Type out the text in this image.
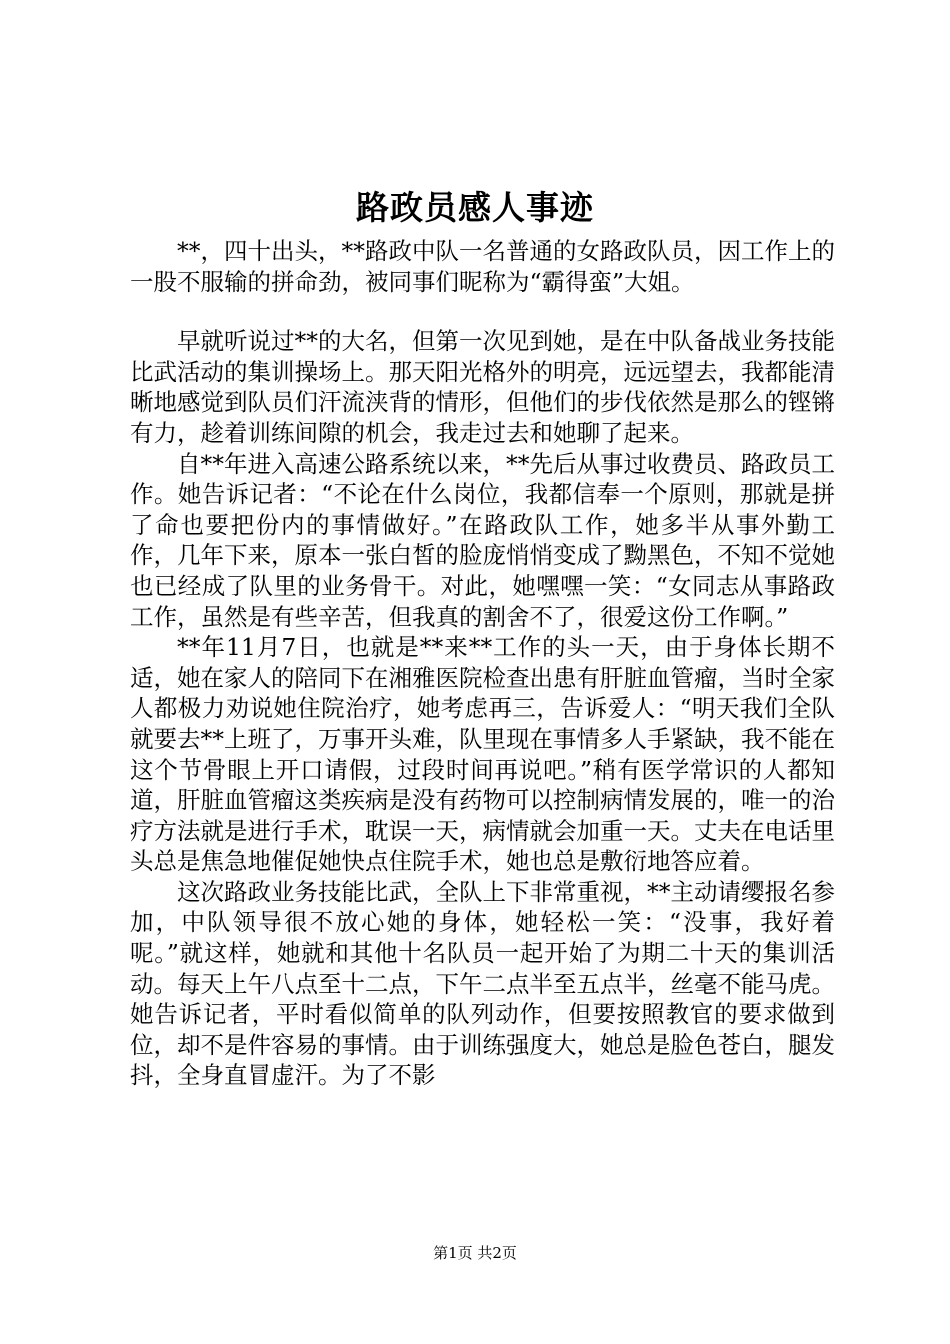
路政员感人事迹

**，四十出头，**路政中队一名普通的女路政队员，因工作上的一股不服输的拼命劲，被同事们昵称为“霸得蛮”大姐。

早就听说过**的大名，但第一次见到她，是在中队备战业务技能比武活动的集训操场上。那天阳光格外的明亮，远远望去，我都能清晰地感觉到队员们汗流浃背的情形，但他们的步伐依然是那么的铿锵有力，趁着训练间隙的机会，我走过去和她聊了起来。

自**年进入高速公路系统以来，**先后从事过收费员、路政员工作。她告诉记者：“不论在什么岗位，我都信奉一个原则，那就是拼了命也要把份内的事情做好。”在路政队工作，她多半从事外勤工作，几年下来，原本一张白皙的脸庞悄悄变成了黝黑色，不知不觉她也已经成了队里的业务骨干。对此，她嘿嘿一笑：“女同志从事路政工作，虽然是有些辛苦，但我真的割舍不了，很爱这份工作啊。”

**年11月7日，也就是**来**工作的头一天，由于身体长期不适，她在家人的陪同下在湘雅医院检查出患有肝脏血管瘤，当时全家人都极力劝说她住院治疗，她考虑再三，告诉爱人：“明天我们全队就要去**上班了，万事开头难，队里现在事情多人手紧缺，我不能在这个节骨眼上开口请假，过段时间再说吧。”稍有医学常识的人都知道，肝脏血管瘤这类疾病是没有药物可以控制病情发展的，唯一的治疗方法就是进行手术，耽误一天，病情就会加重一天。丈夫在电话里头总是焦急地催促她快点住院手术，她也总是敷衍地答应着。

这次路政业务技能比武，全队上下非常重视，**主动请缨报名参加，中队领导很不放心她的身体，她轻松一笑：“没事，我好着呢。”就这样，她就和其他十名队员一起开始了为期二十天的集训活动。每天上午八点至十二点，下午二点半至五点半，丝毫不能马虎。她告诉记者，平时看似简单的队列动作，但要按照教官的要求做到位，却不是件容易的事情。由于训练强度大，她总是脸色苍白，腿发抖，全身直冒虚汗。为了不影

第1页 共2页
